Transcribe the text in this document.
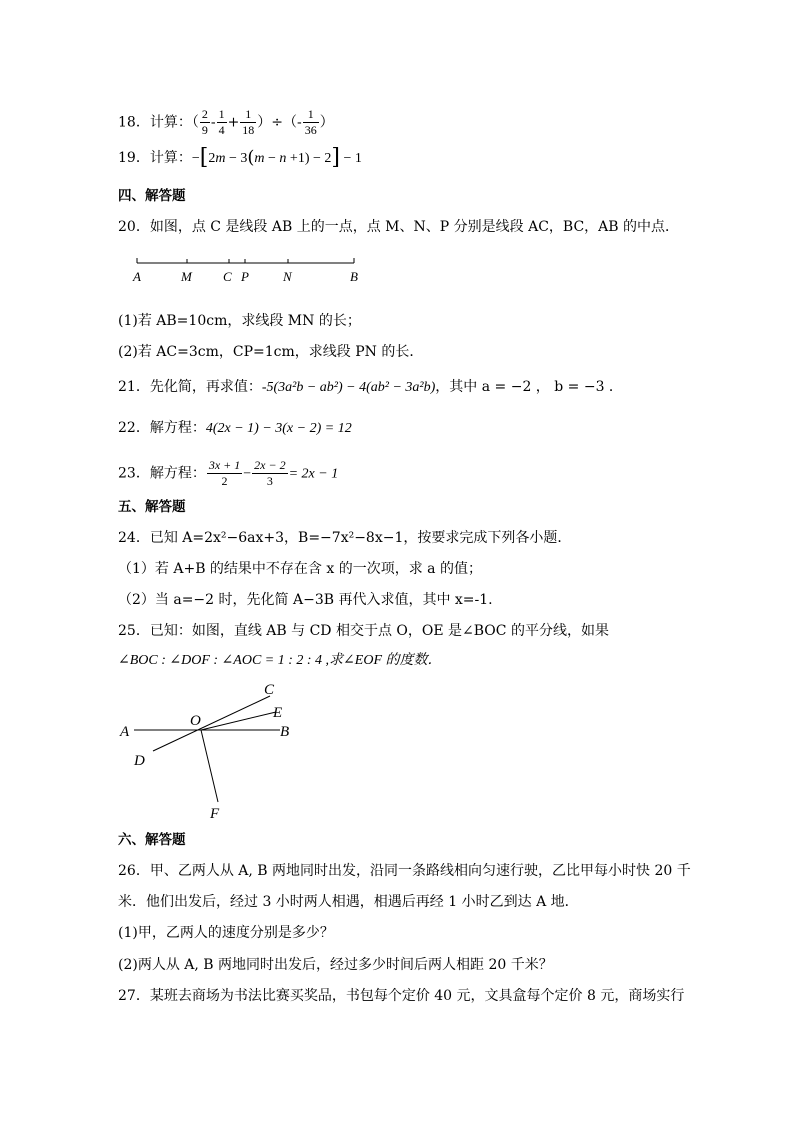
18．计算：（ $\frac{2}{9} - \frac{1}{4} + \frac{1}{18}$ ）÷（- $\frac{1}{36}$ ）
19．计算：−[2m − 3(m − n +1) − 2] − 1
四、解答题
20．如图，点 C 是线段 AB 上的一点，点 M、N、P 分别是线段 AC，BC，AB 的中点．
A	M C P	N	B
(1)若 AB=10cm，求线段 MN 的长；
(2)若 AC=3cm，CP=1cm，求线段 PN 的长．
21．先化简，再求值：-5(3a²b − ab²) − 4(ab² − 3a²b)，其中 a = −2 ， b = −3 ．
22．解方程：4(2x − 1) − 3(x − 2) = 12
23．解方程： $\frac{3x + 1}{2} - \frac{2x - 2}{3} = 2x - 1$
五、解答题
24．已知 A=2x²−6ax+3，B=−7x²−8x−1，按要求完成下列各小题．
（1）若 A+B 的结果中不存在含 x 的一次项，求 a 的值；
（2）当 a=−2 时，先化简 A−3B 再代入求值，其中 x=-1.
25．已知：如图，直线 AB 与 CD 相交于点 O，OE 是∠BOC 的平分线，如果
∠BOC : ∠DOF : ∠AOC = 1 : 2 : 4 ,求∠EOF 的度数．
A	B
C
D
E
F
O
六、解答题
26．甲、乙两人从 A, B 两地同时出发，沿同一条路线相向匀速行驶，乙比甲每小时快 20 千
米．他们出发后，经过 3 小时两人相遇，相遇后再经 1 小时乙到达 A 地．
(1)甲，乙两人的速度分别是多少？
(2)两人从 A, B 两地同时出发后，经过多少时间后两人相距 20 千米？
27．某班去商场为书法比赛买奖品，书包每个定价 40 元，文具盒每个定价 8 元，商场实行
